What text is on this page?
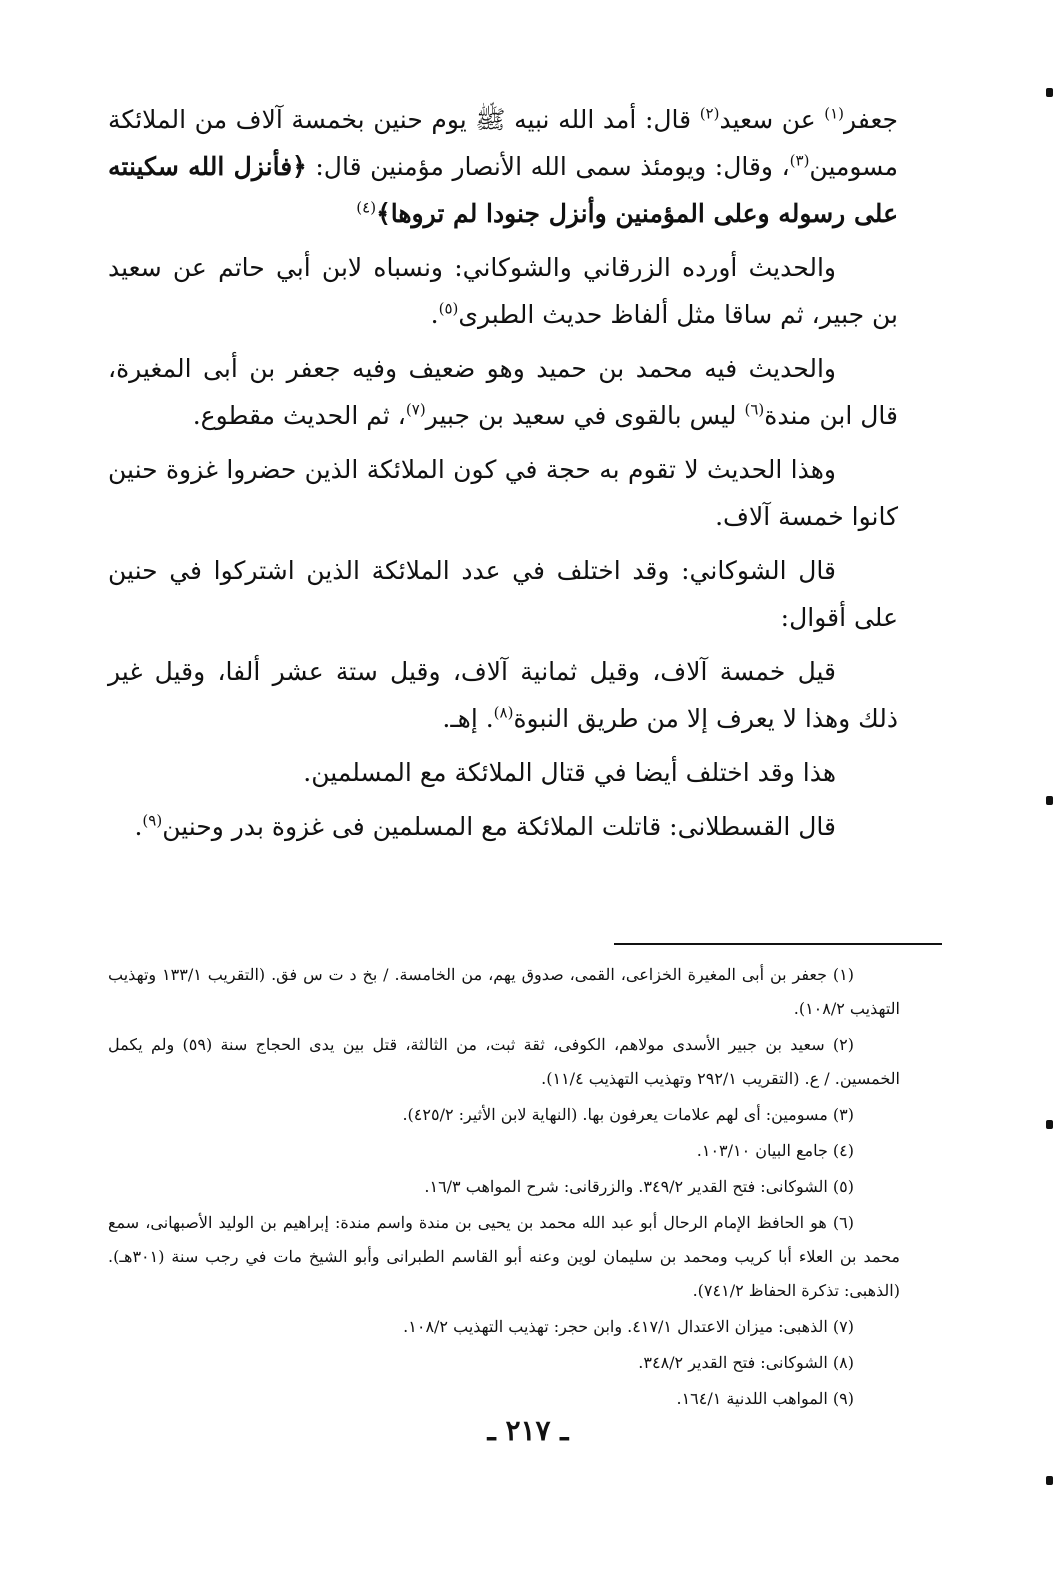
جعفر$^{(١)}$ عن سعيد$^{(٢)}$ قال: أمد الله نبيه ﷺ يوم حنين بخمسة آلاف من الملائكة مسومين$^{(٣)}$، وقال: ويومئذ سمى الله الأنصار مؤمنين قال: ﴿فأنزل الله سكينته على رسوله وعلى المؤمنين وأنزل جنودا لم تروها﴾$^{(٤)}$

والحديث أورده الزرقاني والشوكاني: ونسباه لابن أبي حاتم عن سعيد بن جبير، ثم ساقا مثل ألفاظ حديث الطبرى$^{(٥)}$.

والحديث فيه محمد بن حميد وهو ضعيف وفيه جعفر بن أبى المغيرة، قال ابن مندة$^{(٦)}$ ليس بالقوى في سعيد بن جبير$^{(٧)}$، ثم الحديث مقطوع.

وهذا الحديث لا تقوم به حجة في كون الملائكة الذين حضروا غزوة حنين كانوا خمسة آلاف.

قال الشوكاني: وقد اختلف في عدد الملائكة الذين اشتركوا في حنين على أقوال:

قيل خمسة آلاف، وقيل ثمانية آلاف، وقيل ستة عشر ألفا، وقيل غير ذلك وهذا لا يعرف إلا من طريق النبوة$^{(٨)}$. إهـ.

هذا وقد اختلف أيضا في قتال الملائكة مع المسلمين.

قال القسطلانى: قاتلت الملائكة مع المسلمين فى غزوة بدر وحنين$^{(٩)}$.

(١) جعفر بن أبى المغيرة الخزاعى، القمى، صدوق يهم، من الخامسة. / بخ د ت س فق. (التقريب ١٣٣/١ وتهذيب التهذيب ١٠٨/٢).

(٢) سعيد بن جبير الأسدى مولاهم، الكوفى، ثقة ثبت، من الثالثة، قتل بين يدى الحجاج سنة (٥٩) ولم يكمل الخمسين. / ع. (التقريب ٢٩٢/١ وتهذيب التهذيب ١١/٤).

(٣) مسومين: أى لهم علامات يعرفون بها. (النهاية لابن الأثير: ٤٢٥/٢).

(٤) جامع البيان ١٠٣/١٠.

(٥) الشوكانى: فتح القدير ٣٤٩/٢. والزرقانى: شرح المواهب ١٦/٣.

(٦) هو الحافظ الإمام الرحال أبو عبد الله محمد بن يحيى بن مندة واسم مندة: إبراهيم بن الوليد الأصبهانى، سمع محمد بن العلاء أبا كريب ومحمد بن سليمان لوين وعنه أبو القاسم الطبرانى وأبو الشيخ مات في رجب سنة (٣٠١هـ). (الذهبى: تذكرة الحفاظ ٧٤١/٢).

(٧) الذهبى: ميزان الاعتدال ٤١٧/١. وابن حجر: تهذيب التهذيب ١٠٨/٢.

(٨) الشوكانى: فتح القدير ٣٤٨/٢.

(٩) المواهب اللدنية ١٦٤/١.

ـ ٢١٧ ـ
